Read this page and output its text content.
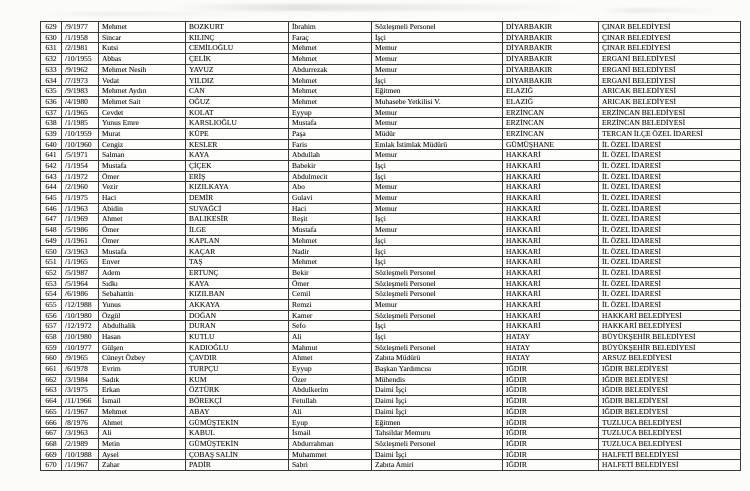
629	/9/1977	Mehmet	BOZKURT	İbrahim	Sözleşmeli Personel	DİYARBAKIR	ÇINAR BELEDİYESİ
630	/1/1958	Sincar	KILINÇ	Faraç	İşçi	DİYARBAKIR	ÇINAR BELEDİYESİ
631	/2/1981	Kutsi	CEMİLOĞLU	Mehmet	Memur	DİYARBAKIR	ÇINAR BELEDİYESİ
632	/10/1955	Abbas	ÇELİK	Mehmet	Memur	DİYARBAKIR	ERGANİ BELEDİYESİ
633	/9/1962	Mehmet Nesih	YAVUZ	Abdurrezak	Memur	DİYARBAKIR	ERGANİ BELEDİYESİ
634	/7/1973	Vedat	YILDIZ	Mehmet	İşçi	DİYARBAKIR	ERGANİ BELEDİYESİ
635	/9/1983	Mehmet Aydın	CAN	Mehmet	Eğitmen	ELAZIĞ	ARICAK BELEDİYESİ
636	/4/1980	Mehmet Sait	OĞUZ	Mehmet	Muhasebe Yetkilisi V.	ELAZIĞ	ARICAK BELEDİYESİ
637	/1/1965	Cevdet	KOLAT	Eyyup	Memur	ERZİNCAN	ERZİNCAN BELEDİYESİ
638	/1/1985	Yunus Emre	KARSLIOĞLU	Mustafa	Memur	ERZİNCAN	ERZİNCAN BELEDİYESİ
639	/10/1959	Murat	KÜPE	Paşa	Müdür	ERZİNCAN	TERCAN İLÇE ÖZEL İDARESİ
640	/10/1960	Cengiz	KESLER	Faris	Emlak İstimlak Müdürü	GÜMÜŞHANE	İL ÖZEL İDARESİ
641	/5/1971	Salman	KAYA	Abdullah	Memur	HAKKARİ	İL ÖZEL İDARESİ
642	/1/1954	Mustafa	ÇİÇEK	Babekir	İşçi	HAKKARİ	İL ÖZEL İDARESİ
643	/1/1972	Ömer	ERİŞ	Abdulmecit	İşçi	HAKKARİ	İL ÖZEL İDARESİ
644	/2/1960	Vezir	KIZILKAYA	Abo	Memur	HAKKARİ	İL ÖZEL İDARESİ
645	/1/1975	Haci	DEMİR	Gulavi	Memur	HAKKARİ	İL ÖZEL İDARESİ
646	/1/1963	Abidin	SUVAĞCİ	Haci	Memur	HAKKARİ	İL ÖZEL İDARESİ
647	/1/1969	Ahmet	BALIKESİR	Reşit	İşçi	HAKKARİ	İL ÖZEL İDARESİ
648	/5/1986	Ömer	İLGE	Mustafa	Memur	HAKKARİ	İL ÖZEL İDARESİ
649	/1/1961	Ömer	KAPLAN	Mehmet	İşçi	HAKKARİ	İL ÖZEL İDARESİ
650	/3/1963	Mustafa	KAÇAR	Nadir	İşçi	HAKKARİ	İL ÖZEL İDARESİ
651	/1/1965	Enver	TAŞ	Mehmet	İşçi	HAKKARİ	İL ÖZEL İDARESİ
652	/5/1987	Adem	ERTUNÇ	Bekir	Sözleşmeli Personel	HAKKARİ	İL ÖZEL İDARESİ
653	/5/1964	Sıdkı	KAYA	Ömer	Sözleşmeli Personel	HAKKARİ	İL ÖZEL İDARESİ
654	/6/1986	Sebahattin	KIZILBAN	Cemil	Sözleşmeli Personel	HAKKARİ	İL ÖZEL İDARESİ
655	/12/1988	Yunus	AKKAYA	Remzi	Memur	HAKKARİ	İL ÖZEL İDARESİ
656	/10/1980	Özgül	DOĞAN	Kamer	Sözleşmeli Personel	HAKKARİ	HAKKARİ BELEDİYESİ
657	/12/1972	Abdulhalik	DURAN	Sefo	İşçi	HAKKARİ	HAKKARİ BELEDİYESİ
658	/10/1980	Hasan	KUTLU	Ali	İşçi	HATAY	BÜYÜKŞEHİR BELEDİYESİ
659	/10/1977	Gülşen	KADIOĞLU	Mahmut	Sözleşmeli Personel	HATAY	BÜYÜKŞEHİR BELEDİYESİ
660	/9/1965	Cüneyt Özbey	ÇAVDIR	Ahmet	Zabıta Müdürü	HATAY	ARSUZ BELEDİYESİ
661	/6/1978	Evrim	TURPÇU	Eyyup	Başkan Yardımcısı	IĞDIR	IĞDIR BELEDİYESİ
662	/3/1984	Sadık	KUM	Özer	Mühendis	IĞDIR	IĞDIR BELEDİYESİ
663	/3/1975	Erkan	ÖZTÜRK	Abdulkerim	Daimi İşçi	IĞDIR	IĞDIR BELEDİYESİ
664	/11/1966	İsmail	BÖREKÇİ	Fetullah	Daimi İşçi	IĞDIR	IĞDIR BELEDİYESİ
665	/1/1967	Mehmet	ABAY	Ali	Daimi İşçi	IĞDIR	IĞDIR BELEDİYESİ
666	/8/1976	Ahmet	GÜMÜŞTEKİN	Eyup	Eğitmen	IĞDIR	TUZLUCA BELEDİYESİ
667	/3/1963	Ali	KABUL	İsmail	Tahsildar Memuru	IĞDIR	TUZLUCA BELEDİYESİ
668	/2/1989	Metin	GÜMÜŞTEKİN	Abdurrahman	Sözleşmeli Personel	IĞDIR	TUZLUCA BELEDİYESİ
669	/10/1988	Aysel	ÇOBAŞ SALİN	Muhammet	Daimi İşçi	IĞDIR	HALFETİ BELEDİYESİ
670	/1/1967	Zahar	PADİR	Sabri	Zabıta Amiri	IĞDIR	HALFETİ BELEDİYESİ
